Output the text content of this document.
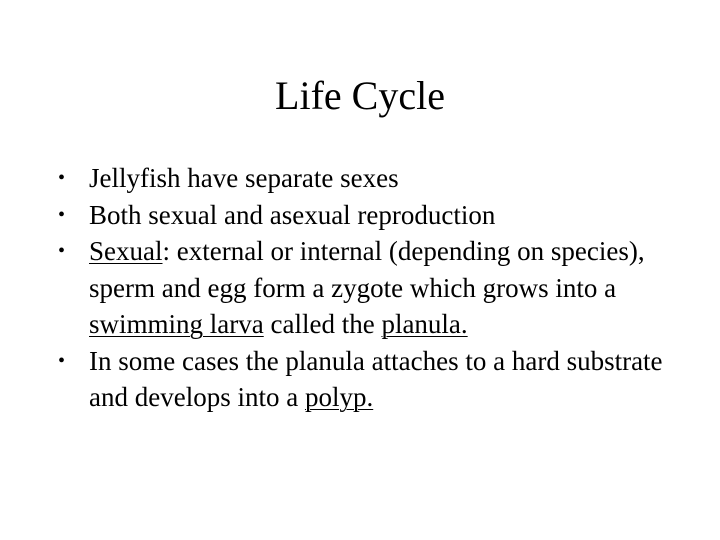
Life Cycle
• Jellyfish have separate sexes
• Both sexual and asexual reproduction
• Sexual: external or internal (depending on species), sperm and egg form a zygote which grows into a swimming larva called the planula.
• In some cases the planula attaches to a hard substrate and develops into a polyp.
